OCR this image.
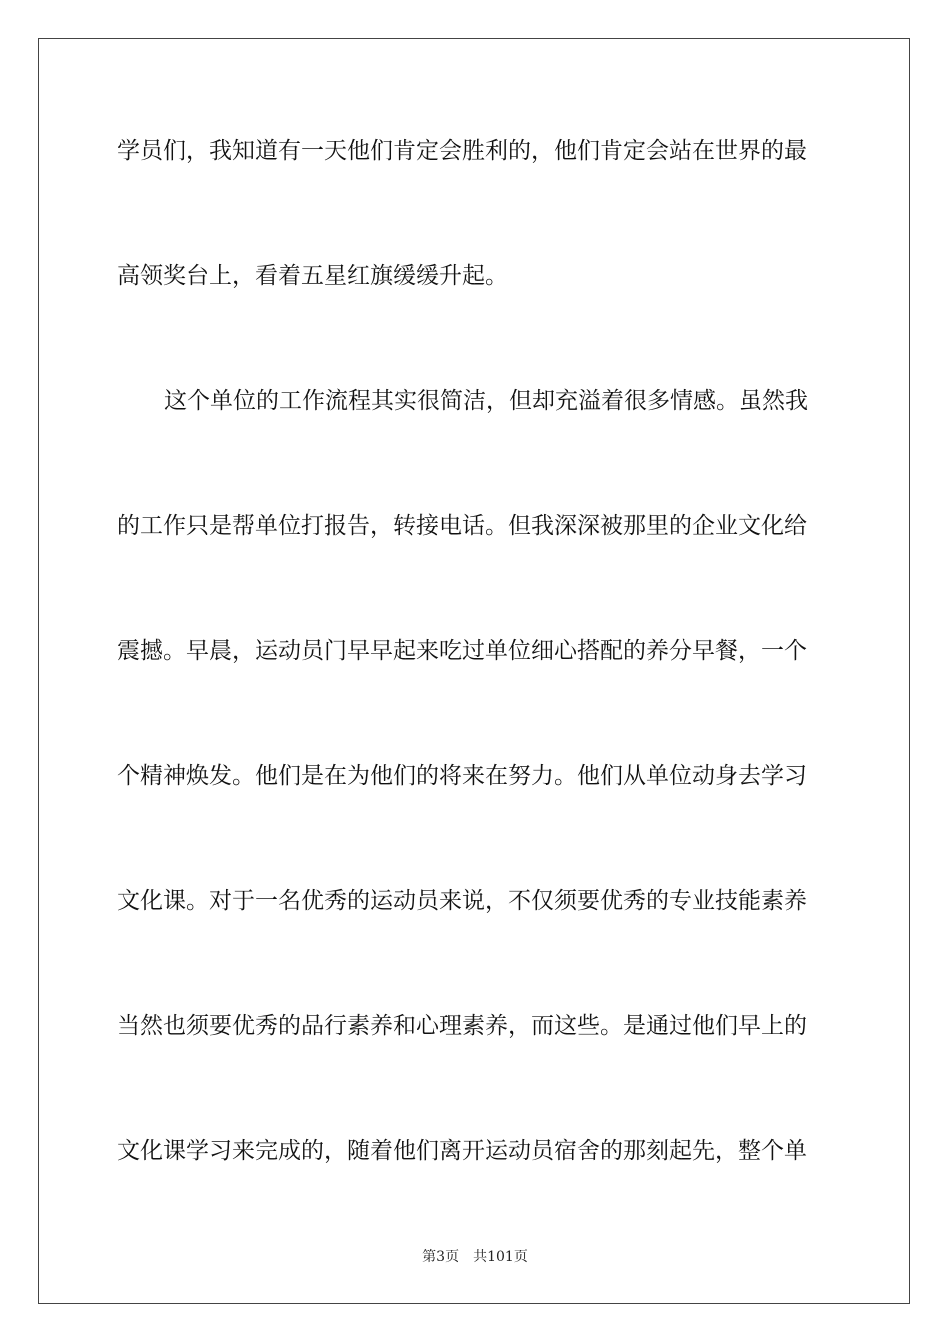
学员们，我知道有一天他们肯定会胜利的，他们肯定会站在世界的最
高领奖台上，看着五星红旗缓缓升起。
这个单位的工作流程其实很简洁，但却充溢着很多情感。虽然我
的工作只是帮单位打报告，转接电话。但我深深被那里的企业文化给
震撼。早晨，运动员门早早起来吃过单位细心搭配的养分早餐，一个
个精神焕发。他们是在为他们的将来在努力。他们从单位动身去学习
文化课。对于一名优秀的运动员来说，不仅须要优秀的专业技能素养
当然也须要优秀的品行素养和心理素养，而这些。是通过他们早上的
文化课学习来完成的，随着他们离开运动员宿舍的那刻起先，整个单
第3页 共101页
